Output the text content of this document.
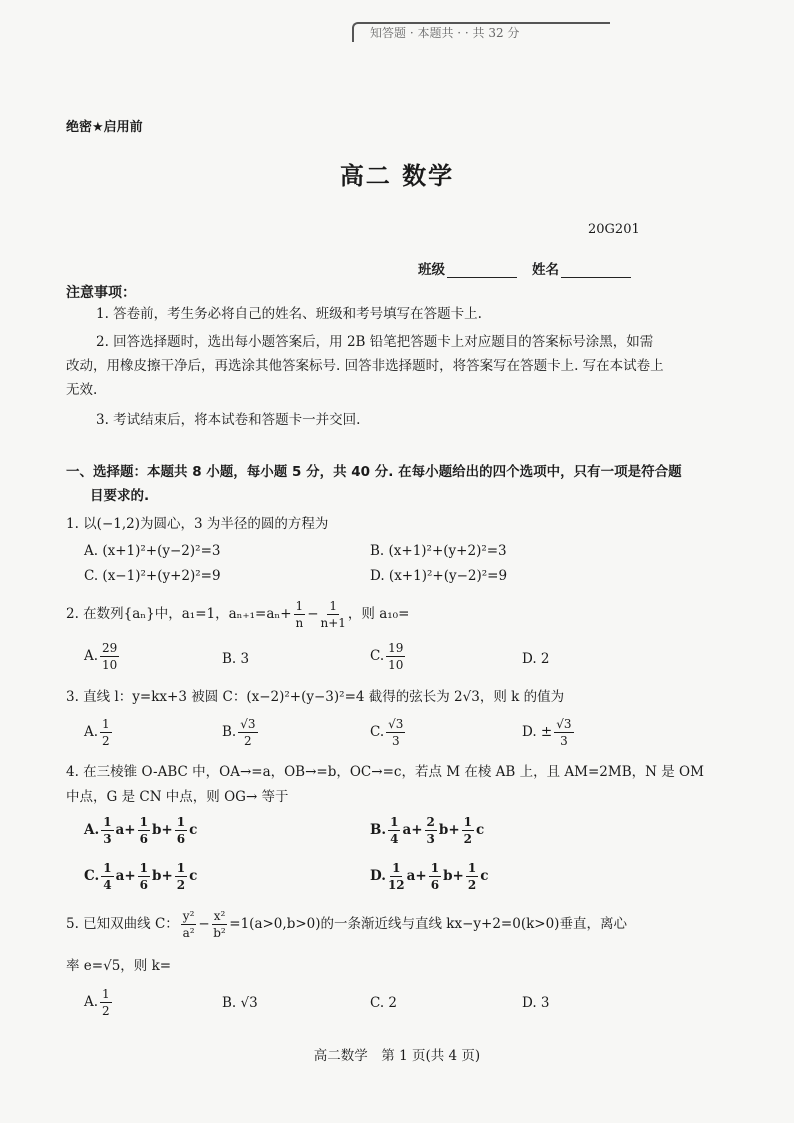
知答题 · 本题共 · · 共 32 分
绝密★启用前
高二 数学
20G201
班级	姓名
注意事项：
1. 答卷前，考生务必将自己的姓名、班级和考号填写在答题卡上.
2. 回答选择题时，选出每小题答案后，用 2B 铅笔把答题卡上对应题目的答案标号涂黑，如需改动，用橡皮擦干净后，再选涂其他答案标号. 回答非选择题时，将答案写在答题卡上. 写在本试卷上无效.
3. 考试结束后，将本试卷和答题卡一并交回.
一、选择题：本题共 8 小题，每小题 5 分，共 40 分. 在每小题给出的四个选项中，只有一项是符合题目要求的.
1. 以(−1,2)为圆心，3 为半径的圆的方程为
A. (x+1)²+(y−2)²=3	B. (x+1)²+(y+2)²=3
C. (x−1)²+(y+2)²=9	D. (x+1)²+(y−2)²=9
2. 在数列{aₙ}中，a₁=1，$a_{n+1}=a_n+ \frac{1}{n} - \frac{1}{n+1}$ ，则 a₁₀=
A. $\frac{29}{10}$	B. 3	C. $\frac{19}{10}$	D. 2
3. 直线 l：y=kx+3 被圆 C：(x−2)²+(y−3)²=4 截得的弦长为 2√3，则 k 的值为
A. $\frac{1}{2}$	B. $\frac{√3}{2}$	C. $\frac{√3}{3}$	D. ± $\frac{√3}{3}$
4. 在三棱锥 O-ABC 中，OA→=a，OB→=b，OC→=c，若点 M 在棱 AB 上，且 AM=2MB，N 是 OM
中点，G 是 CN 中点，则 OG→ 等于
A. $\frac{1}{3} a+ \frac{1}{6} b+ \frac{1}{6}$ c	B. $\frac{1}{4} a+ \frac{2}{3} b+ \frac{1}{2}$ c
C. $\frac{1}{4} a+ \frac{1}{6} b+ \frac{1}{2}$ c	D. $\frac{1}{12} a+ \frac{1}{6} b+ \frac{1}{2}$ c
5. 已知双曲线 C： $\frac{\text{y²}}{\text{a²}} - \frac{\text{x²}}{\text{b²}} =1(a>0,b>0)$的一条渐近线与直线 kx−y+2=0(k>0)垂直，离心
率 e=√5，则 k=
A. $\frac{1}{2}$	B. √3	C. 2	D. 3
高二数学　第 1 页(共 4 页)
